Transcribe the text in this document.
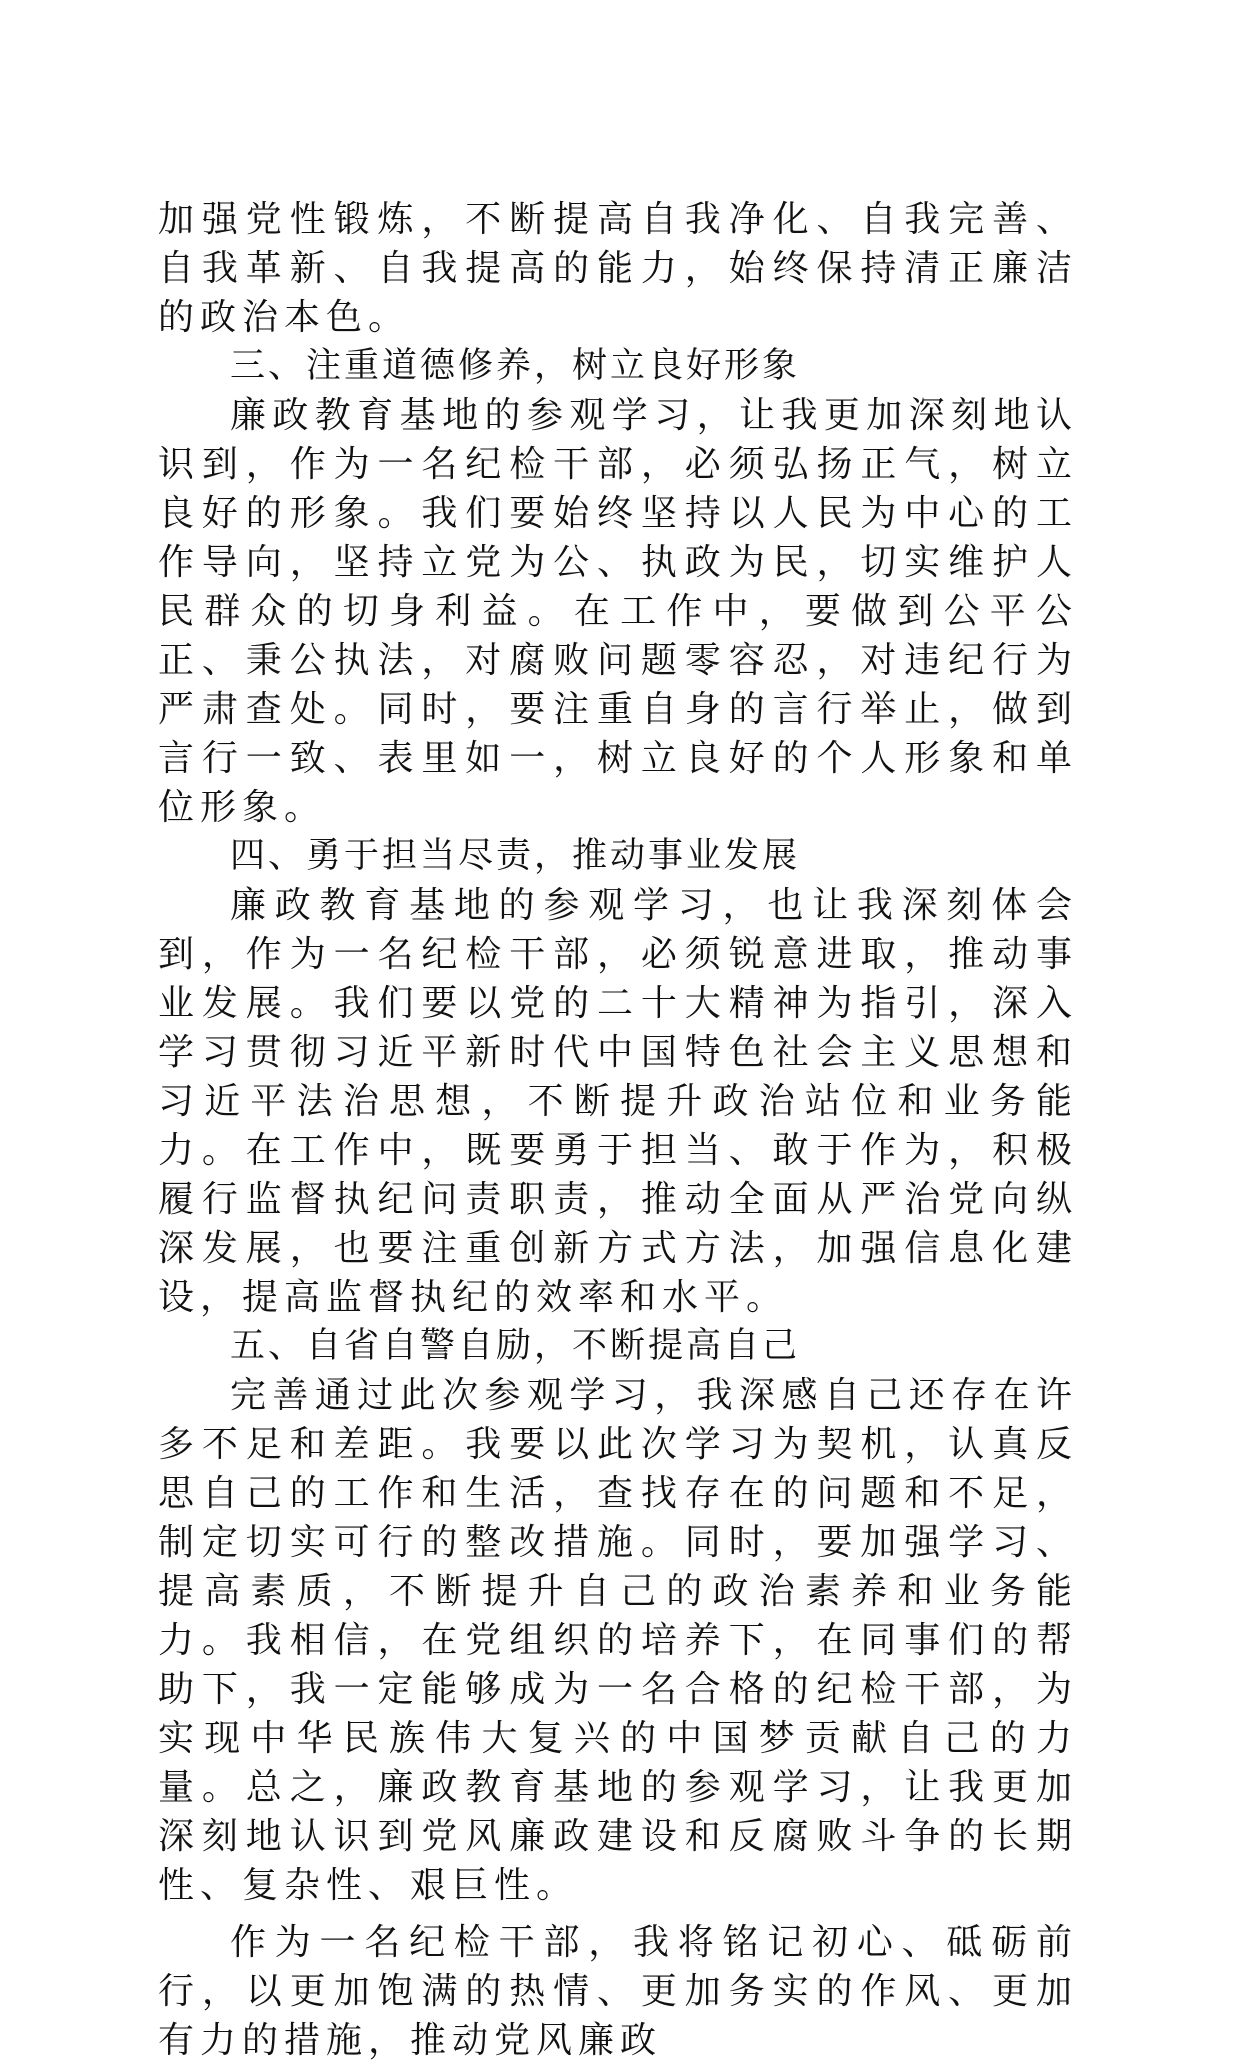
加强党性锻炼，不断提高自我净化、自我完善、自我革新、自我提高的能力，始终保持清正廉洁的政治本色。

三、注重道德修养，树立良好形象

廉政教育基地的参观学习，让我更加深刻地认识到，作为一名纪检干部，必须弘扬正气，树立良好的形象。我们要始终坚持以人民为中心的工作导向，坚持立党为公、执政为民，切实维护人民群众的切身利益。在工作中，要做到公平公正、秉公执法，对腐败问题零容忍，对违纪行为严肃查处。同时，要注重自身的言行举止，做到言行一致、表里如一，树立良好的个人形象和单位形象。

四、勇于担当尽责，推动事业发展

廉政教育基地的参观学习，也让我深刻体会到，作为一名纪检干部，必须锐意进取，推动事业发展。我们要以党的二十大精神为指引，深入学习贯彻习近平新时代中国特色社会主义思想和习近平法治思想，不断提升政治站位和业务能力。在工作中，既要勇于担当、敢于作为，积极履行监督执纪问责职责，推动全面从严治党向纵深发展，也要注重创新方式方法，加强信息化建设，提高监督执纪的效率和水平。

五、自省自警自励，不断提高自己

完善通过此次参观学习，我深感自己还存在许多不足和差距。我要以此次学习为契机，认真反思自己的工作和生活，查找存在的问题和不足，制定切实可行的整改措施。同时，要加强学习、提高素质，不断提升自己的政治素养和业务能力。我相信，在党组织的培养下，在同事们的帮助下，我一定能够成为一名合格的纪检干部，为实现中华民族伟大复兴的中国梦贡献自己的力量。总之，廉政教育基地的参观学习，让我更加深刻地认识到党风廉政建设和反腐败斗争的长期性、复杂性、艰巨性。

作为一名纪检干部，我将铭记初心、砥砺前行，以更加饱满的热情、更加务实的作风、更加有力的措施，推动党风廉政
